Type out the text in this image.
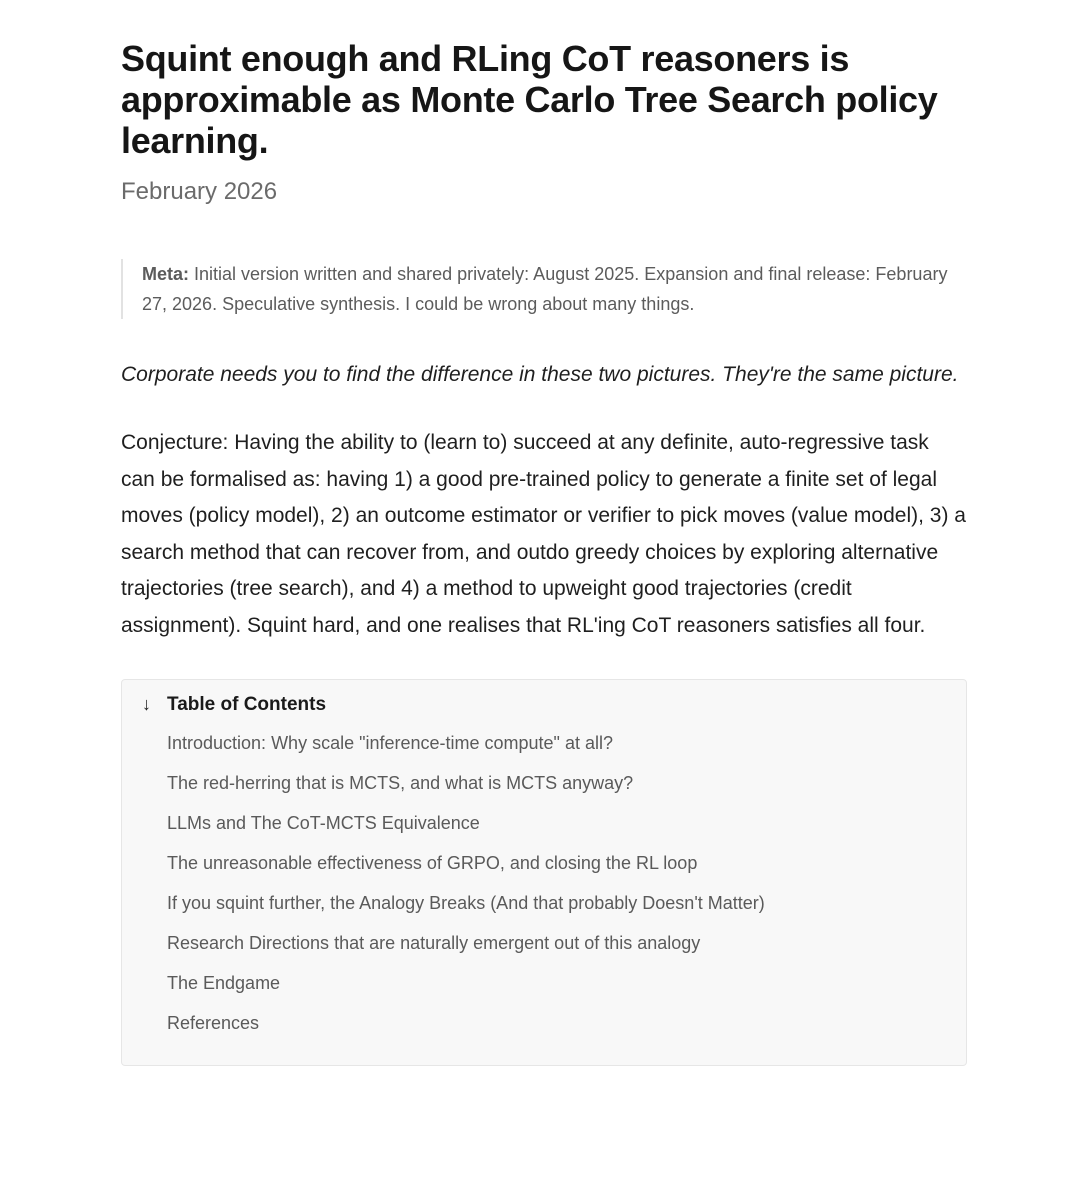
Squint enough and RLing CoT reasoners is approximable as Monte Carlo Tree Search policy learning.
February 2026
Meta: Initial version written and shared privately: August 2025. Expansion and final release: February 27, 2026. Speculative synthesis. I could be wrong about many things.

Corporate needs you to find the difference in these two pictures. They're the same picture.

Conjecture: Having the ability to (learn to) succeed at any definite, auto-regressive task can be formalised as: having 1) a good pre-trained policy to generate a finite set of legal moves (policy model), 2) an outcome estimator or verifier to pick moves (value model), 3) a search method that can recover from, and outdo greedy choices by exploring alternative trajectories (tree search), and 4) a method to upweight good trajectories (credit assignment). Squint hard, and one realises that RL'ing CoT reasoners satisfies all four.

↓ Table of Contents
Introduction: Why scale "inference-time compute" at all?
The red-herring that is MCTS, and what is MCTS anyway?
LLMs and The CoT-MCTS Equivalence
The unreasonable effectiveness of GRPO, and closing the RL loop
If you squint further, the Analogy Breaks (And that probably Doesn't Matter)
Research Directions that are naturally emergent out of this analogy
The Endgame
References
